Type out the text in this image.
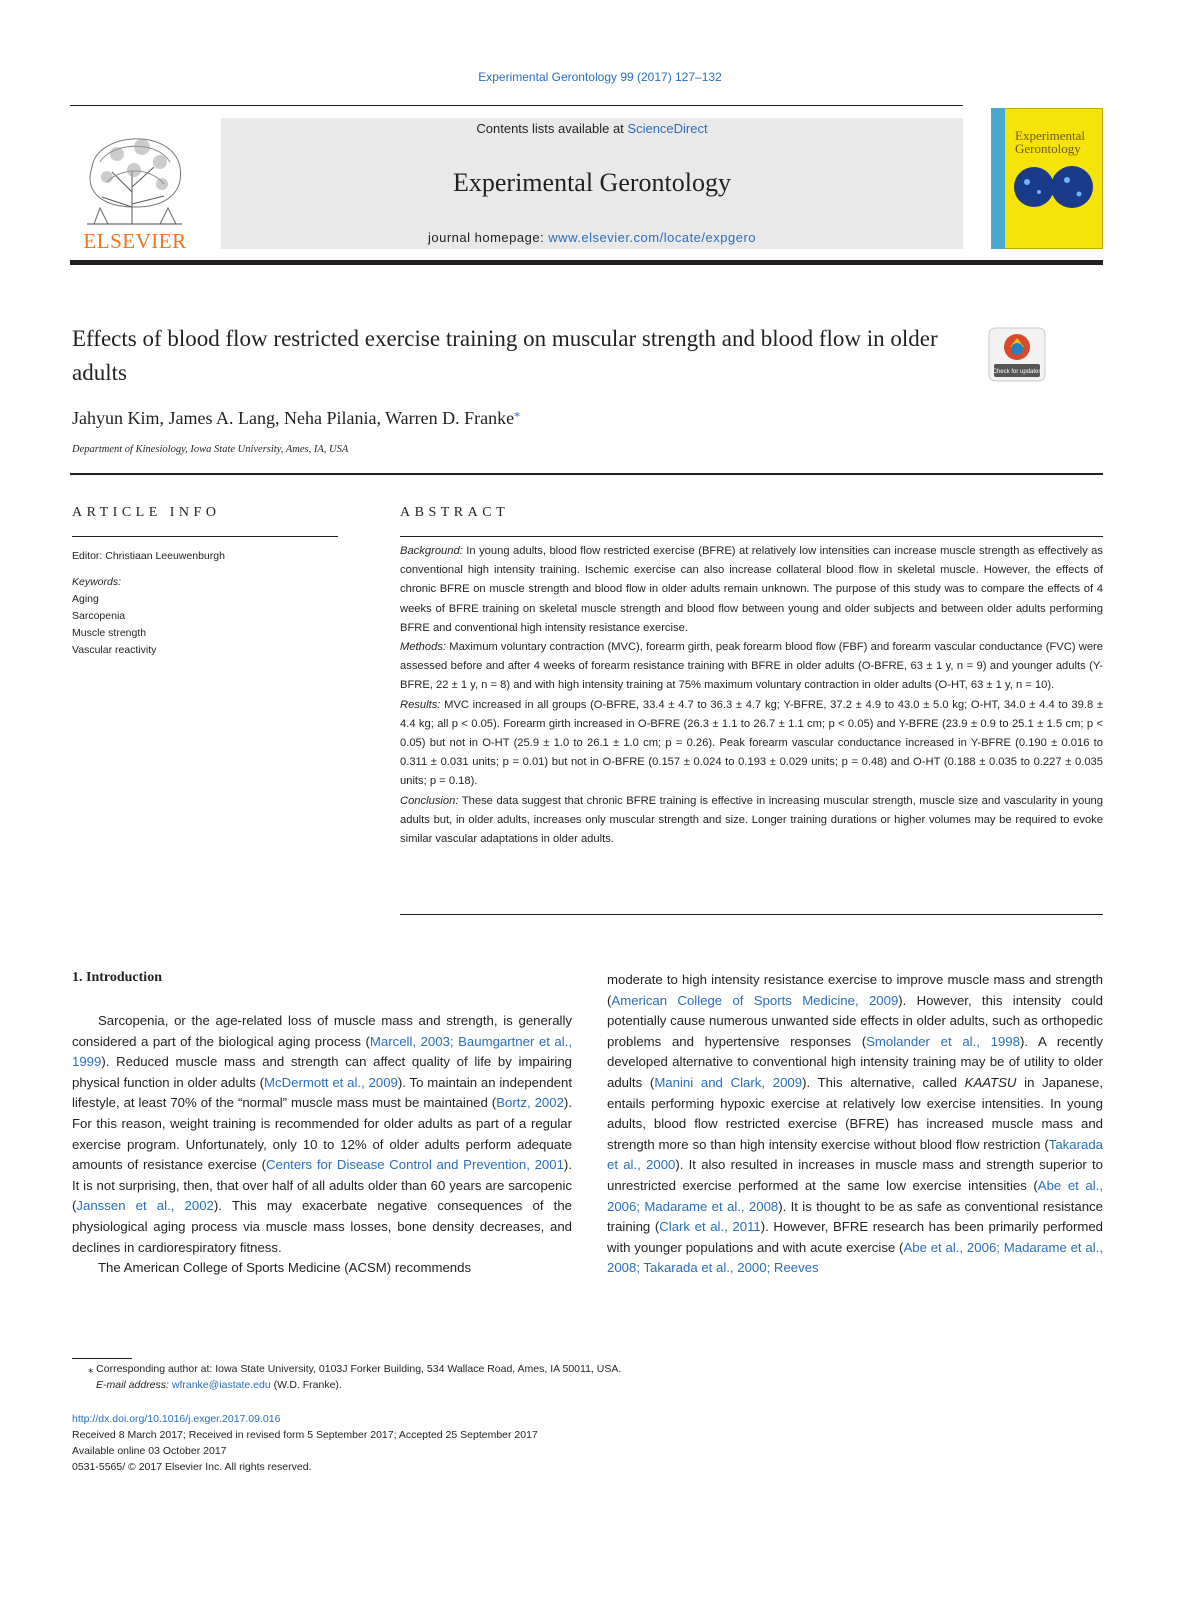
Experimental Gerontology 99 (2017) 127–132
ELSEVIER
Contents lists available at ScienceDirect
Experimental Gerontology
journal homepage: www.elsevier.com/locate/expgero
Experimental Gerontology
Effects of blood flow restricted exercise training on muscular strength and blood flow in older adults	Check for updates
Jahyun Kim, James A. Lang, Neha Pilania, Warren D. Franke⁎
Department of Kinesiology, Iowa State University, Ames, IA, USA
ARTICLE INFO
Editor: Christiaan Leeuwenburgh
Keywords:
Aging
Sarcopenia
Muscle strength
Vascular reactivity
ABSTRACT

Background: In young adults, blood flow restricted exercise (BFRE) at relatively low intensities can increase muscle strength as effectively as conventional high intensity training. Ischemic exercise can also increase collateral blood flow in skeletal muscle. However, the effects of chronic BFRE on muscle strength and blood flow in older adults remain unknown. The purpose of this study was to compare the effects of 4 weeks of BFRE training on skeletal muscle strength and blood flow between young and older subjects and between older adults performing BFRE and conventional high intensity resistance exercise.

Methods: Maximum voluntary contraction (MVC), forearm girth, peak forearm blood flow (FBF) and forearm vascular conductance (FVC) were assessed before and after 4 weeks of forearm resistance training with BFRE in older adults (O-BFRE, 63 ± 1 y, n = 9) and younger adults (Y-BFRE, 22 ± 1 y, n = 8) and with high intensity training at 75% maximum voluntary contraction in older adults (O-HT, 63 ± 1 y, n = 10).

Results: MVC increased in all groups (O-BFRE, 33.4 ± 4.7 to 36.3 ± 4.7 kg; Y-BFRE, 37.2 ± 4.9 to 43.0 ± 5.0 kg; O-HT, 34.0 ± 4.4 to 39.8 ± 4.4 kg; all p < 0.05). Forearm girth increased in O-BFRE (26.3 ± 1.1 to 26.7 ± 1.1 cm; p < 0.05) and Y-BFRE (23.9 ± 0.9 to 25.1 ± 1.5 cm; p < 0.05) but not in O-HT (25.9 ± 1.0 to 26.1 ± 1.0 cm; p = 0.26). Peak forearm vascular conductance increased in Y-BFRE (0.190 ± 0.016 to 0.311 ± 0.031 units; p = 0.01) but not in O-BFRE (0.157 ± 0.024 to 0.193 ± 0.029 units; p = 0.48) and O-HT (0.188 ± 0.035 to 0.227 ± 0.035 units; p = 0.18).

Conclusion: These data suggest that chronic BFRE training is effective in increasing muscular strength, muscle size and vascularity in young adults but, in older adults, increases only muscular strength and size. Longer training durations or higher volumes may be required to evoke similar vascular adaptations in older adults.

1. Introduction

Sarcopenia, or the age-related loss of muscle mass and strength, is generally considered a part of the biological aging process (Marcell, 2003; Baumgartner et al., 1999). Reduced muscle mass and strength can affect quality of life by impairing physical function in older adults (McDermott et al., 2009). To maintain an independent lifestyle, at least 70% of the “normal” muscle mass must be maintained (Bortz, 2002). For this reason, weight training is recommended for older adults as part of a regular exercise program. Unfortunately, only 10 to 12% of older adults perform adequate amounts of resistance exercise (Centers for Disease Control and Prevention, 2001). It is not surprising, then, that over half of all adults older than 60 years are sarcopenic (Janssen et al., 2002). This may exacerbate negative consequences of the physiological aging process via muscle mass losses, bone density decreases, and declines in cardiorespiratory fitness.

The American College of Sports Medicine (ACSM) recommends

moderate to high intensity resistance exercise to improve muscle mass and strength (American College of Sports Medicine, 2009). However, this intensity could potentially cause numerous unwanted side effects in older adults, such as orthopedic problems and hypertensive responses (Smolander et al., 1998). A recently developed alternative to conventional high intensity training may be of utility to older adults (Manini and Clark, 2009). This alternative, called KAATSU in Japanese, entails performing hypoxic exercise at relatively low exercise intensities. In young adults, blood flow restricted exercise (BFRE) has increased muscle mass and strength more so than high intensity exercise without blood flow restriction (Takarada et al., 2000). It also resulted in increases in muscle mass and strength superior to unrestricted exercise performed at the same low exercise intensities (Abe et al., 2006; Madarame et al., 2008). It is thought to be as safe as conventional resistance training (Clark et al., 2011). However, BFRE research has been primarily performed with younger populations and with acute exercise (Abe et al., 2006; Madarame et al., 2008; Takarada et al., 2000; Reeves

⁎ Corresponding author at: Iowa State University, 0103J Forker Building, 534 Wallace Road, Ames, IA 50011, USA.
E-mail address: wfranke@iastate.edu (W.D. Franke).
http://dx.doi.org/10.1016/j.exger.2017.09.016
Received 8 March 2017; Received in revised form 5 September 2017; Accepted 25 September 2017
Available online 03 October 2017
0531-5565/ © 2017 Elsevier Inc. All rights reserved.
